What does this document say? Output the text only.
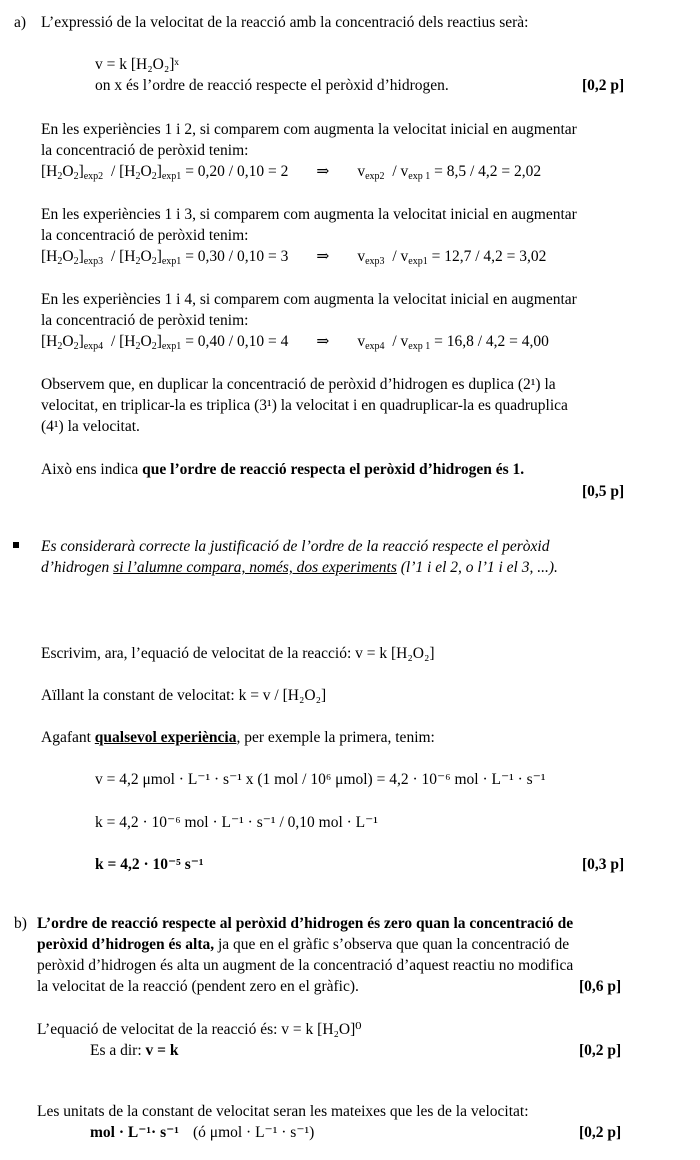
a) L’expressió de la velocitat de la reacció amb la concentració dels reactius serà:
v = k [H₂O₂]ˣ
on x és l’ordre de reacció respecte el peròxid d’hidrogen.	[0,2 p]
En les experiències 1 i 2, si comparem com augmenta la velocitat inicial en augmentar
la concentració de peròxid tenim:
$[H_2O_2]_{exp2} / [H_2O_2]_{exp1} = 0,20 / 0,10 = 2$ ⇒ $v_{exp2} / v_{exp 1} = 8,5 / 4,2 = 2,02$
En les experiències 1 i 3, si comparem com augmenta la velocitat inicial en augmentar
la concentració de peròxid tenim:
$[H_2O_2]_{exp3} / [H_2O_2]_{exp1} = 0,30 / 0,10 = 3$ ⇒ $v_{exp3} / v_{exp1} = 12,7 / 4,2 = 3,02$
En les experiències 1 i 4, si comparem com augmenta la velocitat inicial en augmentar
la concentració de peròxid tenim:
$[H_2O_2]_{exp4} / [H_2O_2]_{exp1} = 0,40 / 0,10 = 4$ ⇒ $v_{exp4} / v_{exp 1} = 16,8 / 4,2 = 4,00$
Observem que, en duplicar la concentració de peròxid d’hidrogen es duplica (2¹) la
velocitat, en triplicar-la es triplica (3¹) la velocitat i en quadruplicar-la es quadruplica
(4¹) la velocitat.
Això ens indica que l’ordre de reacció respecta el peròxid d’hidrogen és 1.
[0,5 p]
Es considerarà correcte la justificació de l’ordre de la reacció respecte el peròxid
d’hidrogen si l’alumne compara, només, dos experiments (l’1 i el 2, o l’1 i el 3, ...).
Escrivim, ara, l’equació de velocitat de la reacció: v = k [H₂O₂]
Aïllant la constant de velocitat: k = v / [H₂O₂]
Agafant qualsevol experiència, per exemple la primera, tenim:
v = 4,2 μmol · L⁻¹ · s⁻¹ x (1 mol / 10⁶ μmol) = 4,2 · 10⁻⁶ mol · L⁻¹ · s⁻¹
k = 4,2 · 10⁻⁶ mol · L⁻¹ · s⁻¹ / 0,10 mol · L⁻¹
k = 4,2 · 10⁻⁵ s⁻¹	[0,3 p]
b) L’ordre de reacció respecte al peròxid d’hidrogen és zero quan la concentració de
peròxid d’hidrogen és alta, ja que en el gràfic s’observa que quan la concentració de
peròxid d’hidrogen és alta un augment de la concentració d’aquest reactiu no modifica
la velocitat de la reacció (pendent zero en el gràfic).	[0,6 p]
L’equació de velocitat de la reacció és: v = k [H₂O]⁰
Es a dir: v = k	[0,2 p]
Les unitats de la constant de velocitat seran les mateixes que les de la velocitat:
mol · L⁻¹· s⁻¹ (ó μmol · L⁻¹ · s⁻¹)	[0,2 p]
